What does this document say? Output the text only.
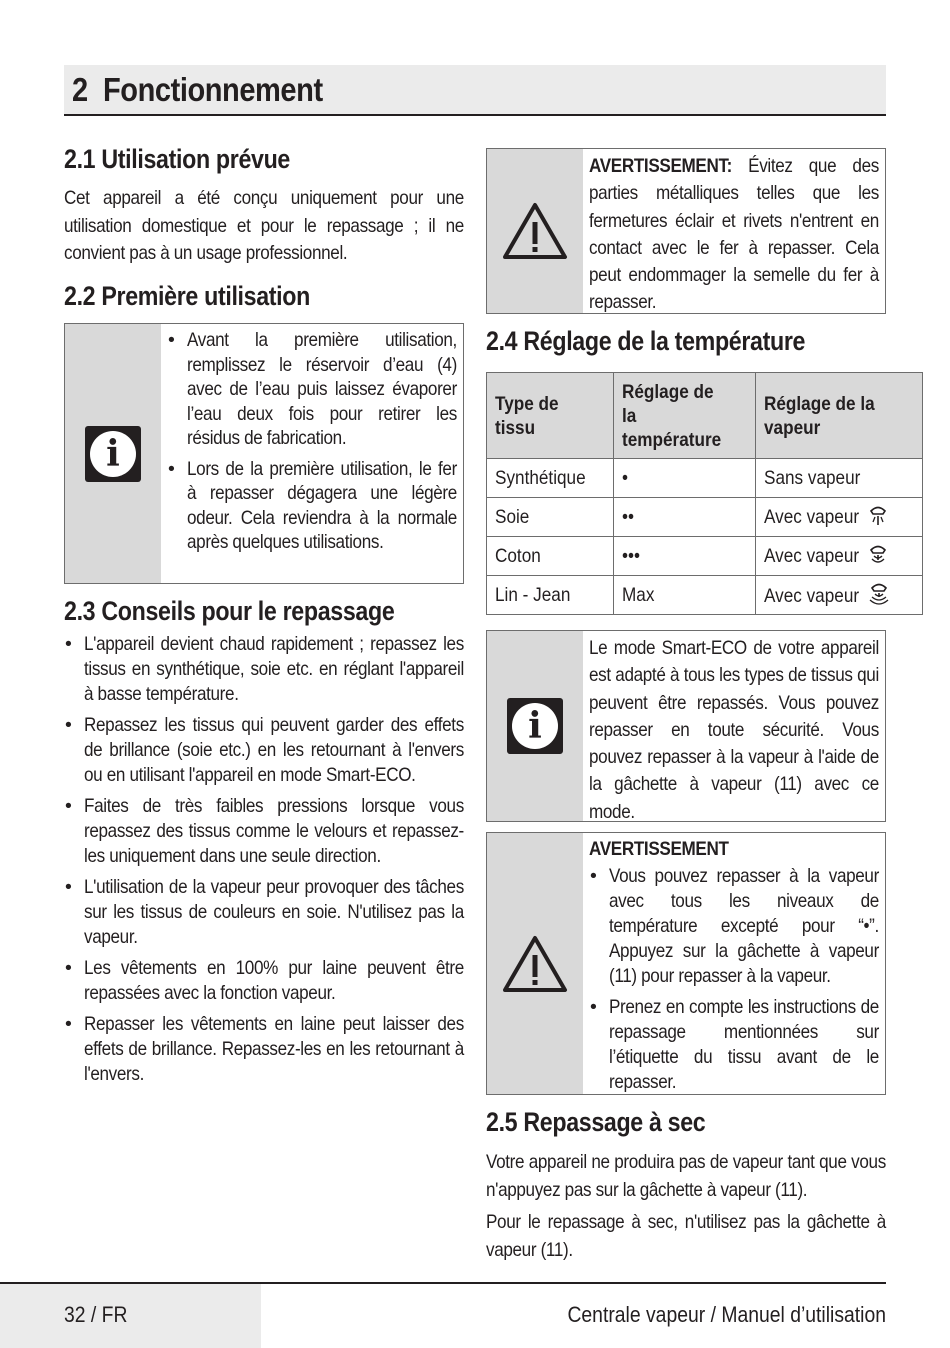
2 Fonctionnement
2.1 Utilisation prévue
Cet appareil a été conçu uniquement pour une utilisation domestique et pour le repassage ; il ne convient pas à un usage professionnel.
2.2 Première utilisation
i
• Avant la première utilisation, remplissez le réservoir d’eau (4) avec de l’eau puis laissez évaporer l’eau deux fois pour retirer les résidus de fabrication.
• Lors de la première utilisation, le fer à repasser dégagera une légère odeur. Cela reviendra à la normale après quelques utilisations.
2.3 Conseils pour le repassage
• L'appareil devient chaud rapidement ; repassez les tissus en synthétique, soie etc. en réglant l'appareil à basse température.
• Repassez les tissus qui peuvent garder des effets de brillance (soie etc.) en les retournant à l'envers ou en utilisant l'appareil en mode Smart-ECO.
• Faites de très faibles pressions lorsque vous repassez des tissus comme le velours et repassez-les uniquement dans une seule direction.
• L'utilisation de la vapeur peur provoquer des tâches sur les tissus de couleurs en soie. N'utilisez pas la vapeur.
• Les vêtements en 100% pur laine peuvent être repassées avec la fonction vapeur.
• Repasser les vêtements en laine peut laisser des effets de brillance. Repassez-les en les retournant à l'envers.
AVERTISSEMENT: Évitez que des parties métalliques telles que les fermetures éclair et rivets n'entrent en contact avec le fer à repasser. Cela peut endommager la semelle du fer à repasser.
2.4 Réglage de la température
Type de tissu	Réglage de la température	Réglage de la vapeur
Synthétique	•	Sans vapeur
Soie	••	Avec vapeur
Coton	•••	Avec vapeur
Lin - Jean	Max	Avec vapeur
i
Le mode Smart-ECO de votre appareil est adapté à tous les types de tissus qui peuvent être repassés. Vous pouvez repasser en toute sécurité. Vous pouvez repasser à la vapeur à l'aide de la gâchette à vapeur (11) avec ce mode.
AVERTISSEMENT
• Vous pouvez repasser à la vapeur avec tous les niveaux de température excepté pour “•”. Appuyez sur la gâchette à vapeur (11) pour repasser à la vapeur.
• Prenez en compte les instructions de repassage mentionnées sur l’étiquette du tissu avant de le repasser.
2.5 Repassage à sec
Votre appareil ne produira pas de vapeur tant que vous n'appuyez pas sur la gâchette à vapeur (11).
Pour le repassage à sec, n'utilisez pas la gâchette à vapeur (11).
32 / FR	Centrale vapeur / Manuel d’utilisation
